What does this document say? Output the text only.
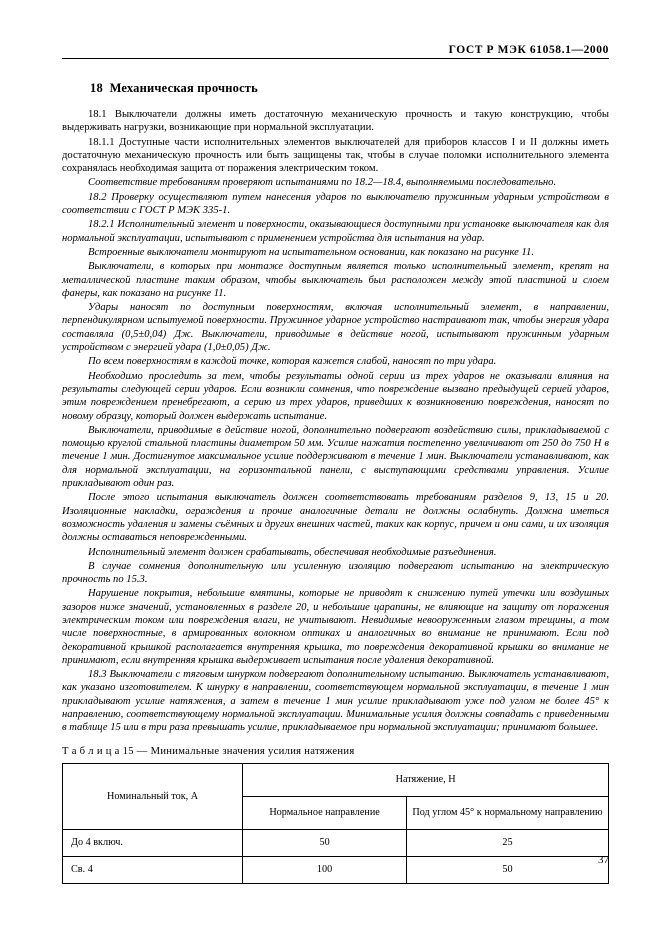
ГОСТ Р МЭК 61058.1—2000
18 Механическая прочность

18.1 Выключатели должны иметь достаточную механическую прочность и такую конструкцию, чтобы выдерживать нагрузки, возникающие при нормальной эксплуатации.

18.1.1 Доступные части исполнительных элементов выключателей для приборов классов I и II должны иметь достаточную механическую прочность или быть защищены так, чтобы в случае поломки исполнительного элемента сохранялась необходимая защита от поражения электрическим током.

Соответствие требованиям проверяют испытаниями по 18.2—18.4, выполняемыми последовательно.

18.2 Проверку осуществляют путем нанесения ударов по выключателю пружинным ударным устройством в соответствии с ГОСТ Р МЭК 335-1.

18.2.1 Исполнительный элемент и поверхности, оказывающиеся доступными при установке выключателя как для нормальной эксплуатации, испытывают с применением устройства для испытания на удар.

Встроенные выключатели монтируют на испытательном основании, как показано на рисунке 11.

Выключатели, в которых при монтаже доступным является только исполнительный элемент, крепят на металлической пластине таким образом, чтобы выключатель был расположен между этой пластиной и слоем фанеры, как показано на рисунке 11.

Удары наносят по доступным поверхностям, включая исполнительный элемент, в направлении, перпендикулярном испытуемой поверхности. Пружинное ударное устройство настраивают так, чтобы энергия удара составляла (0,5±0,04) Дж. Выключатели, приводимые в действие ногой, испытывают пружинным ударным устройством с энергией удара (1,0±0,05) Дж.

По всем поверхностям в каждой точке, которая кажется слабой, наносят по три удара.

Необходимо проследить за тем, чтобы результаты одной серии из трех ударов не оказывали влияния на результаты следующей серии ударов. Если возникли сомнения, что повреждение вызвано предыдущей серией ударов, этим повреждением пренебрегают, а серию из трех ударов, приведших к возникновению повреждения, наносят по новому образцу, который должен выдержать испытание.

Выключатели, приводимые в действие ногой, дополнительно подвергают воздействию силы, прикладываемой с помощью круглой стальной пластины диаметром 50 мм. Усилие нажатия постепенно увеличивают от 250 до 750 Н в течение 1 мин. Достигнутое максимальное усилие поддерживают в течение 1 мин. Выключатели устанавливают, как для нормальной эксплуатации, на горизонтальной панели, с выступающими средствами управления. Усилие прикладывают один раз.

После этого испытания выключатель должен соответствовать требованиям разделов 9, 13, 15 и 20. Изоляционные накладки, ограждения и прочие аналогичные детали не должны ослабнуть. Должна иметься возможность удаления и замены съёмных и других внешних частей, таких как корпус, причем и они сами, и их изоляция должны оставаться неповрежденными.

Исполнительный элемент должен срабатывать, обеспечивая необходимые разъединения.

В случае сомнения дополнительную или усиленную изоляцию подвергают испытанию на электрическую прочность по 15.3.

Нарушение покрытия, небольшие вмятины, которые не приводят к снижению путей утечки или воздушных зазоров ниже значений, установленных в разделе 20, и небольшие царапины, не влияющие на защиту от поражения электрическим током или повреждения влаги, не учитывают. Невидимые невооруженным глазом трещины, а том числе поверхностные, в армированных волокном оптиках и аналогичных во внимание не принимают. Если под декоративной крышкой располагается внутренняя крышка, то повреждения декоративной крышки во внимание не принимают, если внутренняя крышка выдерживает испытания после удаления декоративной.

18.3 Выключатели с тяговым шнурком подвергают дополнительному испытанию. Выключатель устанавливают, как указано изготовителем. К шнурку в направлении, соответствующем нормальной эксплуатации, в течение 1 мин прикладывают усилие натяжения, а затем в течение 1 мин усилие прикладывают уже под углом не более 45° к направлению, соответствующему нормальной эксплуатации. Минимальные усилия должны совпадать с приведенными в таблице 15 или в три раза превышать усилие, прикладываемое при нормальной эксплуатации; принимают большее.

Т а б л и ц а 15 — Минимальные значения усилия натяжения
Номинальный ток, А	Натяжение, Н	
	Нормальное направление	Под углом 45° к нормальному направлению
До 4 включ.	50	25
Св. 4	100	50
37
